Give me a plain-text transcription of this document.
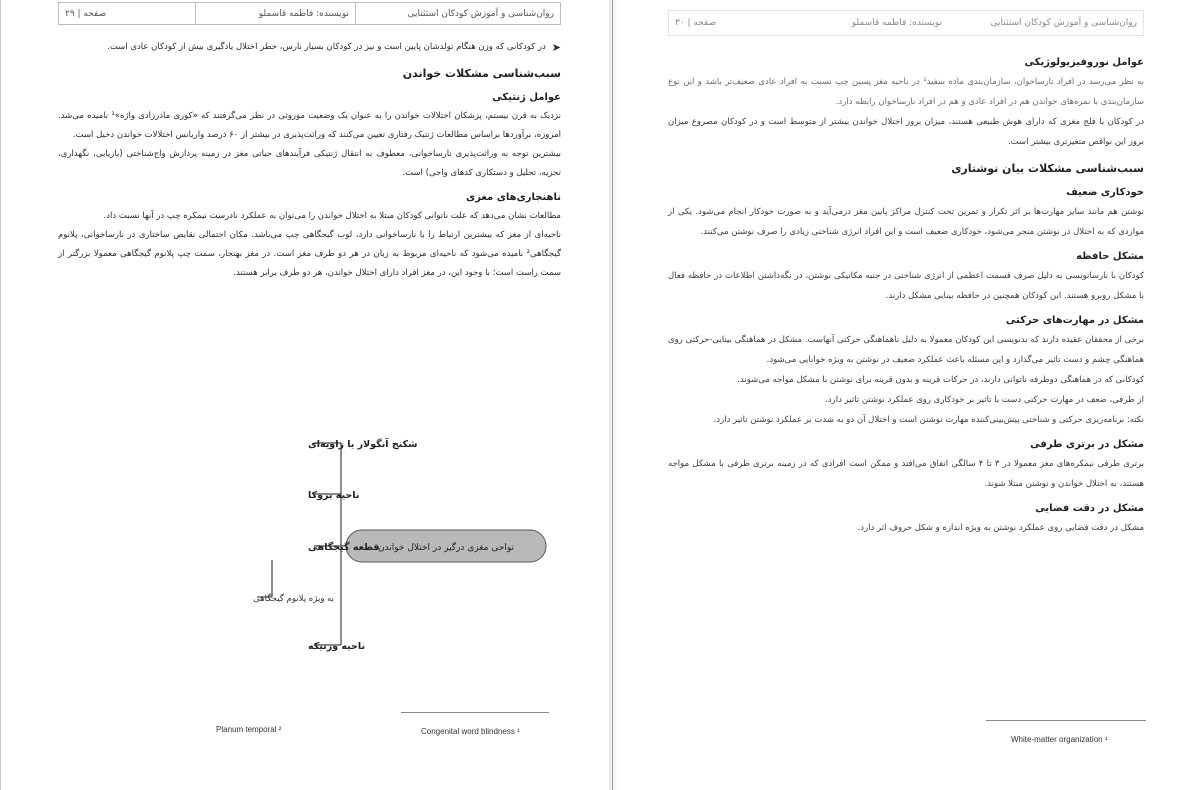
روان‌شناسی و آموزش کودکان استثنایی
نویسنده: فاطمه قاسملو
صفحه | ۲۹
➤

در کودکانی که وزن هنگام تولدشان پایین است و نیز در کودکان بسیار نارس، خطر اختلال یادگیری بیش از کودکان عادی است.

سبب‌شناسی مشکلات خواندن
عوامل ژنتیکی

نزدیک به قرن بیستم، پزشکان اختلالات خواندن را به عنوان یک وضعیت موروثی در نظر می‌گرفتند که «کوری مادرزادی واژه»¹ نامیده می‌شد. امروزه، برآوردها براساس مطالعات ژنتیک رفتاری تعیین می‌کنند که وراثت‌پذیری در بیشتر از ۶۰ درصد واریانس اختلالات خواندن دخیل است.

بیشترین توجه به وراثت‌پذیری نارساخوانی، معطوف به انتقال ژنتیکی فرآیندهای حیاتی مغز در زمینه پردازش واج‌شناختی (بازیابی، نگهداری، تجزیه، تحلیل و دستکاری کدهای واجی) است.

ناهنجاری‌های مغزی

مطالعات نشان می‌دهد که علت ناتوانی کودکان مبتلا به اختلال خواندن را می‌توان به عملکرد نادرست نیمکره چپ در آنها نسبت داد.

ناحیه‌ای از مغز که بیشترین ارتباط را با نارساخوانی دارد، لوب گیجگاهی چپ می‌باشد. مکان احتمالی نقایص ساختاری در نارساخوانی، پلانوم گیجگاهی² نامیده می‌شود که ناحیه‌ای مربوط به زبان در هر دو طرف مغز است. در مغز بهنجار، سمت چپ پلانوم گیجگاهی معمولا بزرگتر از سمت راست است؛ با وجود این، در مغز افراد دارای اختلال خواندن، هر دو طرف برابر هستند.

نواحی مغزی درگیر در اختلال خواندن
شکنج آنگولار یا زاویه‌ای
ناحیه بروکا
قطعه گیجگاهی
به ویژه پلانوم گیجگاهی
ناحیه ورنیکه
Congenital word blindness ¹
Planum temporal ²
روان‌شناسی و آموزش کودکان استثنایی
نویسنده: فاطمه قاسملو
صفحه | ۳۰
عوامل نوروفیزیولوژیکی

به نظر می‌رسد در افراد نارساخوان، سازمان‌بندی ماده سفید¹ در ناحیه مغز پسین چپ نسبت به افراد عادی ضعیف‌تر باشد و این نوع سازمان‌بندی با نمره‌های خواندن هم در افراد عادی و هم در افراد نارساخوان رابطه دارد.

در کودکان با فلج مغزی که دارای هوش طبیعی هستند، میزان بروز اختلال خواندن بیشتر از متوسط است و در کودکان مصروع میزان بروز این نواقص متغیر‌تری بیشتر است.

سبب‌شناسی مشکلات بیان نوشتاری
خودکاری ضعیف

نوشتن هم مانند سایر مهارت‌ها بر اثر تکرار و تمرین تحت کنترل مراکز پایین مغز درمی‌آید و به صورت خودکار انجام می‌شود. یکی از مواردی که به اختلال در نوشتن منجر می‌شود، خودکاری ضعیف است و این افراد انرژی شناختی زیادی را صرف نوشتن می‌کنند.

مشکل حافظه

کودکان با نارسانویسی به دلیل صرف قسمت اعظمی از انرژی شناختی در جنبه مکانیکی نوشتن، در نگه‌داشتن اطلاعات در حافظه فعال با مشکل روبرو هستند. این کودکان همچنین در حافظه بینایی مشکل دارند.

مشکل در مهارت‌های حرکتی

برخی از محققان عقیده دارند که بدنویسی این کودکان معمولا به دلیل ناهماهنگی حرکتی آنهاست. مشکل در هماهنگی بینایی-حرکتی روی هماهنگی چشم و دست تاثیر می‌گذارد و این مسئله باعث عملکرد ضعیف در نوشتن به ویژه خوانایی می‌شود.

کودکانی که در هماهنگی دوطرفه ناتوانی دارند، در حرکات قرینه و بدون قرینه برای نوشتن با مشکل مواجه می‌شوند.

از طرفی، ضعف در مهارت حرکتی دست با تاثیر بر خودکاری روی عملکرد نوشتن تاثیر دارد.

نکته: برنامه‌ریزی حرکتی و شناختی پیش‌بینی‌کننده مهارت نوشتن است و اختلال آن دو به شدت بر عملکرد نوشتن تاثیر دارد.

مشکل در برتری طرفی

برتری طرفی نیمکره‌های مغز معمولا در ۳ تا ۴ سالگی اتفاق می‌افتد و ممکن است افرادی که در زمینه برتری طرفی با مشکل مواجه هستند، به اختلال خواندن و نوشتن مبتلا شوند.

مشکل در دقت فضایی

مشکل در دقت فضایی روی عملکرد نوشتن به ویژه اندازه و شکل حروف اثر دارد.

White-matter organization ¹
